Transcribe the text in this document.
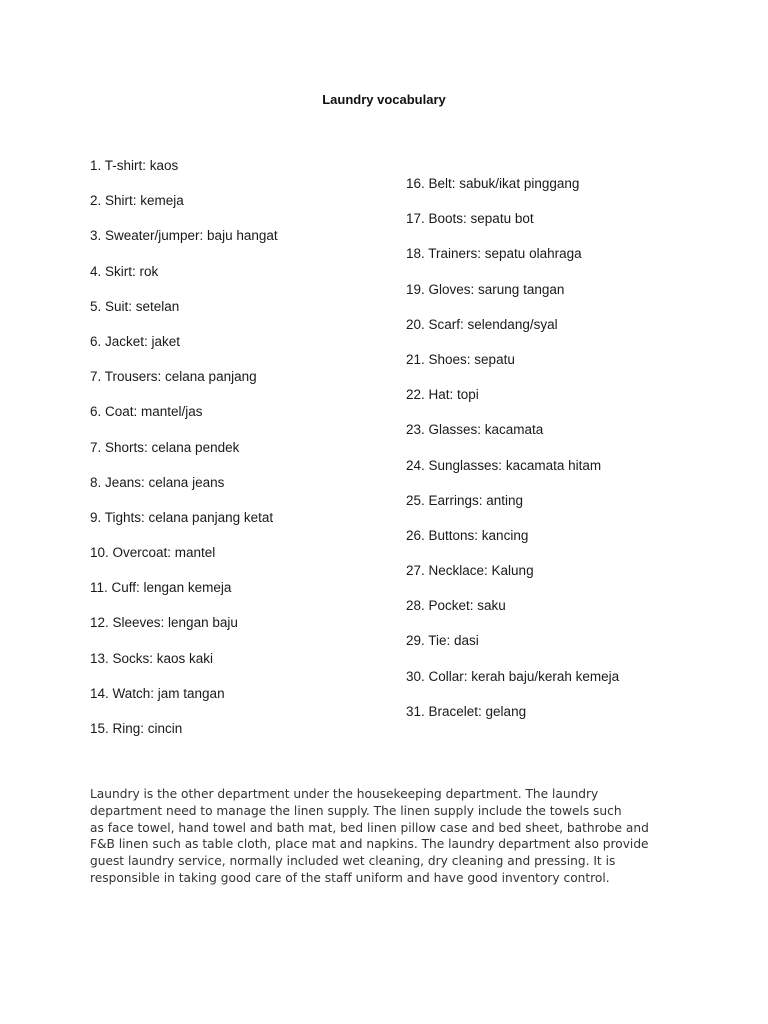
Laundry vocabulary
1. T-shirt: kaos
2. Shirt: kemeja
3. Sweater/jumper: baju hangat
4. Skirt: rok
5. Suit: setelan
6. Jacket: jaket
7. Trousers: celana panjang
6. Coat: mantel/jas
7. Shorts: celana pendek
8. Jeans: celana jeans
9. Tights: celana panjang ketat
10. Overcoat: mantel
11. Cuff: lengan kemeja
12. Sleeves: lengan baju
13. Socks: kaos kaki
14. Watch: jam tangan
15. Ring: cincin
16. Belt: sabuk/ikat pinggang
17. Boots: sepatu bot
18. Trainers: sepatu olahraga
19. Gloves: sarung tangan
20. Scarf: selendang/syal
21. Shoes: sepatu
22. Hat: topi
23. Glasses: kacamata
24. Sunglasses: kacamata hitam
25. Earrings: anting
26. Buttons: kancing
27. Necklace: Kalung
28. Pocket: saku
29. Tie: dasi
30. Collar: kerah baju/kerah kemeja
31. Bracelet: gelang

Laundry is the other department under the housekeeping department. The laundry
department need to manage the linen supply. The linen supply include the towels such
as face towel, hand towel and bath mat, bed linen pillow case and bed sheet, bathrobe and
F&B linen such as table cloth, place mat and napkins. The laundry department also provide
guest laundry service, normally included wet cleaning, dry cleaning and pressing. It is
responsible in taking good care of the staff uniform and have good inventory control.
